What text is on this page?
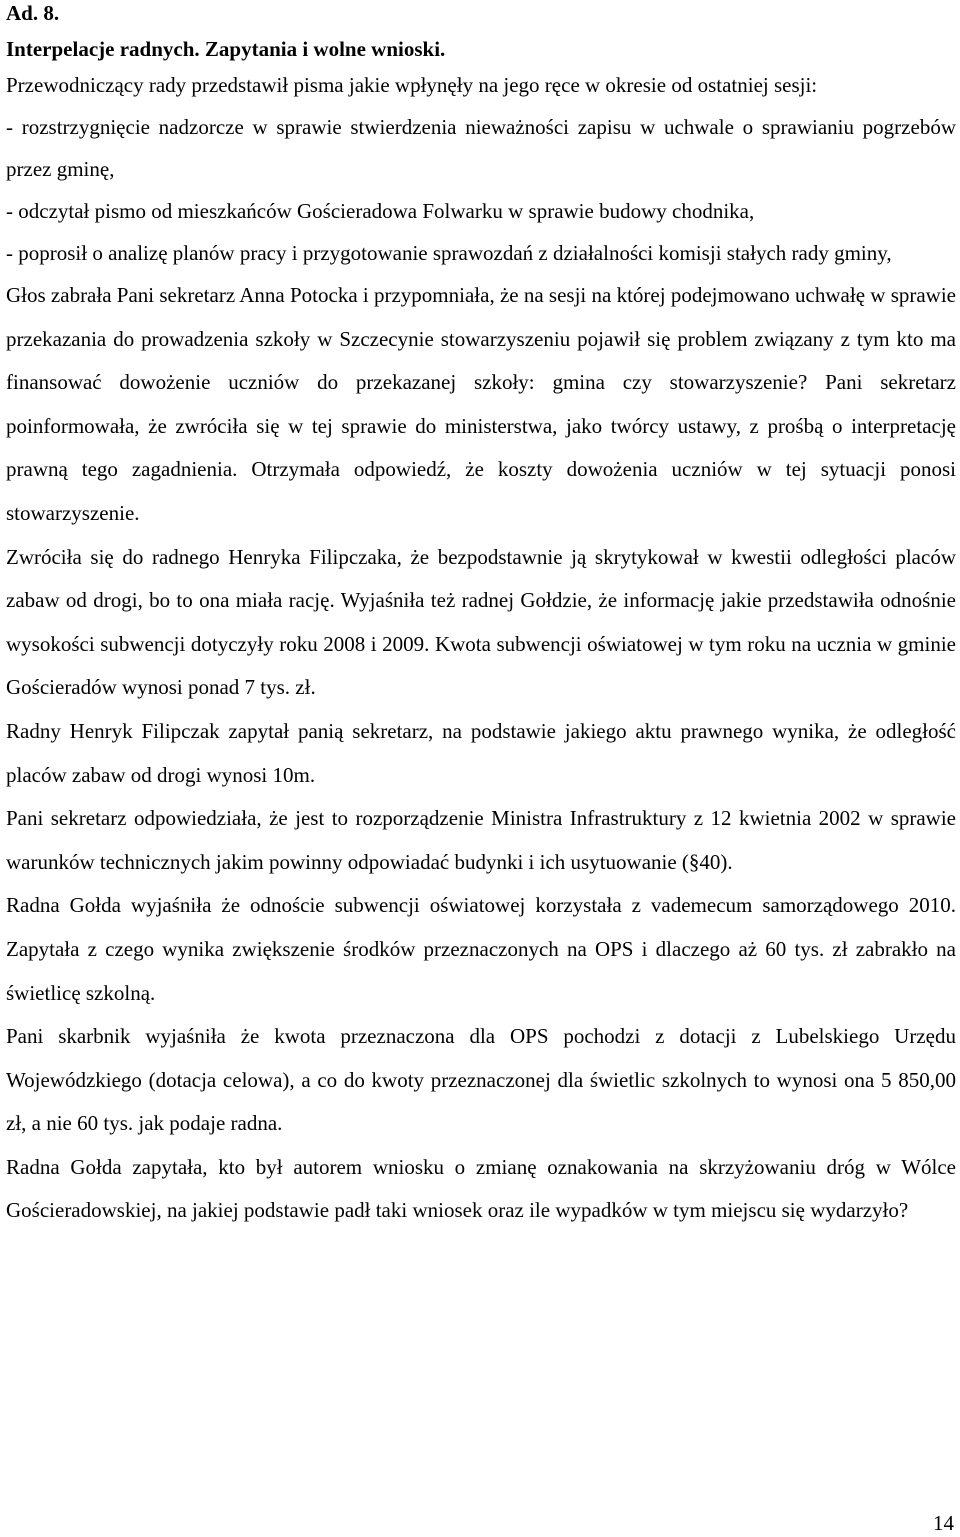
Ad. 8.

Interpelacje radnych. Zapytania i wolne wnioski.

Przewodniczący rady przedstawił pisma jakie wpłynęły na jego ręce w okresie od ostatniej sesji:

- rozstrzygnięcie nadzorcze w sprawie stwierdzenia nieważności zapisu w uchwale o sprawianiu pogrzebów przez gminę,

- odczytał pismo od mieszkańców Gościeradowa Folwarku w sprawie budowy chodnika,

- poprosił o analizę planów pracy i przygotowanie sprawozdań z działalności komisji stałych rady gminy,

Głos zabrała Pani sekretarz Anna Potocka i przypomniała, że na sesji na której podejmowano uchwałę w sprawie przekazania do prowadzenia szkoły w Szczecynie stowarzyszeniu pojawił się problem związany z tym kto ma finansować dowożenie uczniów do przekazanej szkoły: gmina czy stowarzyszenie? Pani sekretarz poinformowała, że zwróciła się w tej sprawie do ministerstwa, jako twórcy ustawy, z prośbą o interpretację prawną tego zagadnienia. Otrzymała odpowiedź, że koszty dowożenia uczniów w tej sytuacji ponosi stowarzyszenie.

Zwróciła się do radnego Henryka Filipczaka, że bezpodstawnie ją skrytykował w kwestii odległości placów zabaw od drogi, bo to ona miała rację. Wyjaśniła też radnej Gołdzie, że informację jakie przedstawiła odnośnie wysokości subwencji dotyczyły roku 2008 i 2009. Kwota subwencji oświatowej w tym roku na ucznia w gminie Gościeradów wynosi ponad 7 tys. zł.

Radny Henryk Filipczak zapytał panią sekretarz, na podstawie jakiego aktu prawnego wynika, że odległość placów zabaw od drogi wynosi 10m.

Pani sekretarz odpowiedziała, że jest to rozporządzenie Ministra Infrastruktury z 12 kwietnia 2002 w sprawie warunków technicznych jakim powinny odpowiadać budynki i ich usytuowanie (§40).

Radna Gołda wyjaśniła że odnoście subwencji oświatowej korzystała z vademecum samorządowego 2010. Zapytała z czego wynika zwiększenie środków przeznaczonych na OPS i dlaczego aż 60 tys. zł zabrakło na świetlicę szkolną.

Pani skarbnik wyjaśniła że kwota przeznaczona dla OPS pochodzi z dotacji z Lubelskiego Urzędu Wojewódzkiego (dotacja celowa), a co do kwoty przeznaczonej dla świetlic szkolnych to wynosi ona 5 850,00 zł, a nie 60 tys. jak podaje radna.

Radna Gołda zapytała, kto był autorem wniosku o zmianę oznakowania na skrzyżowaniu dróg w Wólce Gościeradowskiej, na jakiej podstawie padł taki wniosek oraz ile wypadków w tym miejscu się wydarzyło?

14
